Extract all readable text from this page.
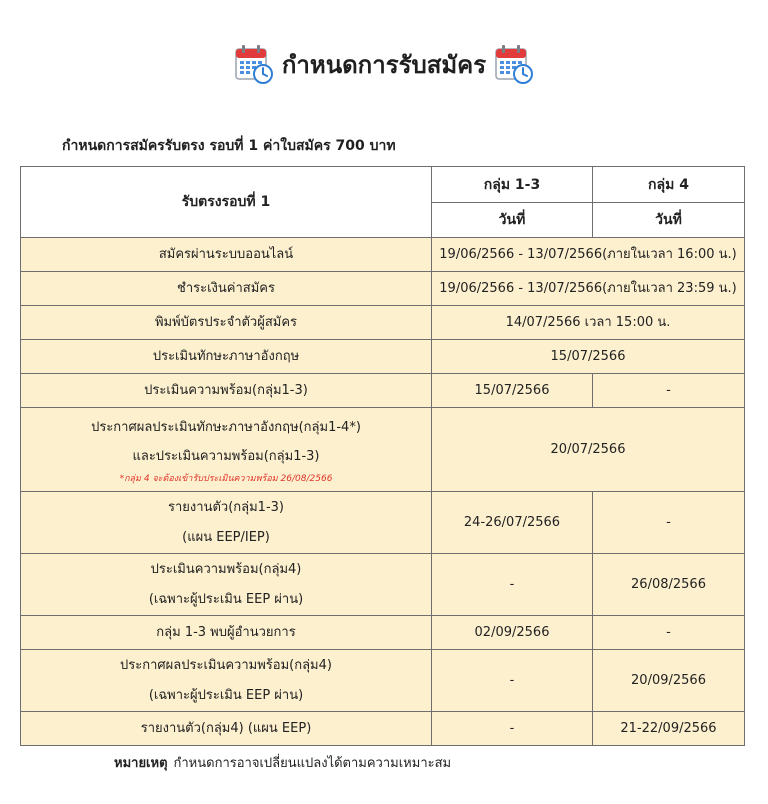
กำหนดการรับสมัคร
กำหนดการสมัครรับตรง รอบที่ 1 ค่าใบสมัคร 700 บาท
รับตรงรอบที่ 1	กลุ่ม 1-3	กลุ่ม 4
	วันที่	วันที่

สมัครผ่านระบบออนไลน์	19/06/2566 - 13/07/2566(ภายในเวลา 16:00 น.)	

ชำระเงินค่าสมัคร	19/06/2566 - 13/07/2566(ภายในเวลา 23:59 น.)	

พิมพ์บัตรประจำตัวผู้สมัคร	14/07/2566 เวลา 15:00 น.	

ประเมินทักษะภาษาอังกฤษ	15/07/2566	

ประเมินความพร้อม(กลุ่ม1-3)	15/07/2566	-

ประกาศผลประเมินทักษะภาษาอังกฤษ(กลุ่ม1-4*)
และประเมินความพร้อม(กลุ่ม1-3)
*กลุ่ม 4 จะต้องเข้ารับประเมินความพร้อม 26/08/2566	20/07/2566	

รายงานตัว(กลุ่ม1-3)
(แผน EEP/IEP)	24-26/07/2566	-

ประเมินความพร้อม(กลุ่ม4)
(เฉพาะผู้ประเมิน EEP ผ่าน)	-	26/08/2566

กลุ่ม 1-3 พบผู้อำนวยการ	02/09/2566	-

ประกาศผลประเมินความพร้อม(กลุ่ม4)
(เฉพาะผู้ประเมิน EEP ผ่าน)	-	20/09/2566

รายงานตัว(กลุ่ม4) (แผน EEP)	-	21-22/09/2566
หมายเหตุ กำหนดการอาจเปลี่ยนแปลงได้ตามความเหมาะสม
